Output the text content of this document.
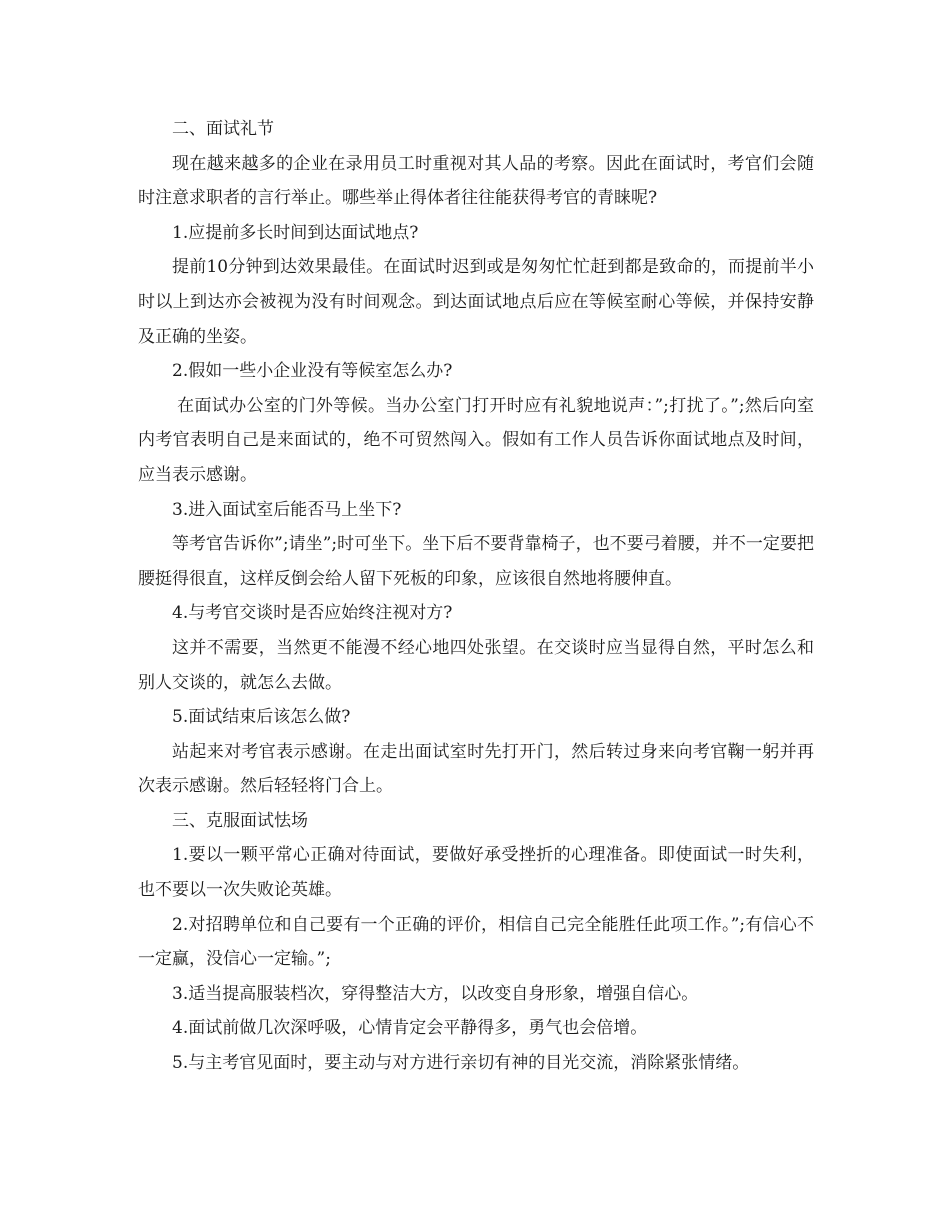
二、面试礼节

现在越来越多的企业在录用员工时重视对其人品的考察。因此在面试时，考官们会随时注意求职者的言行举止。哪些举止得体者往往能获得考官的青睐呢?

1.应提前多长时间到达面试地点?

提前10分钟到达效果最佳。在面试时迟到或是匆匆忙忙赶到都是致命的，而提前半小时以上到达亦会被视为没有时间观念。到达面试地点后应在等候室耐心等候，并保持安静及正确的坐姿。

2.假如一些小企业没有等候室怎么办?

在面试办公室的门外等候。当办公室门打开时应有礼貌地说声：”;打扰了。”;然后向室内考官表明自己是来面试的，绝不可贸然闯入。假如有工作人员告诉你面试地点及时间，应当表示感谢。

3.进入面试室后能否马上坐下?

等考官告诉你”;请坐”;时可坐下。坐下后不要背靠椅子，也不要弓着腰，并不一定要把腰挺得很直，这样反倒会给人留下死板的印象，应该很自然地将腰伸直。

4.与考官交谈时是否应始终注视对方?

这并不需要，当然更不能漫不经心地四处张望。在交谈时应当显得自然，平时怎么和别人交谈的，就怎么去做。

5.面试结束后该怎么做?

站起来对考官表示感谢。在走出面试室时先打开门，然后转过身来向考官鞠一躬并再次表示感谢。然后轻轻将门合上。

三、克服面试怯场

1.要以一颗平常心正确对待面试，要做好承受挫折的心理准备。即使面试一时失利，也不要以一次失败论英雄。

2.对招聘单位和自己要有一个正确的评价，相信自己完全能胜任此项工作。”;有信心不一定赢，没信心一定输。”;

3.适当提高服装档次，穿得整洁大方，以改变自身形象，增强自信心。

4.面试前做几次深呼吸，心情肯定会平静得多，勇气也会倍增。

5.与主考官见面时，要主动与对方进行亲切有神的目光交流，消除紧张情绪。
